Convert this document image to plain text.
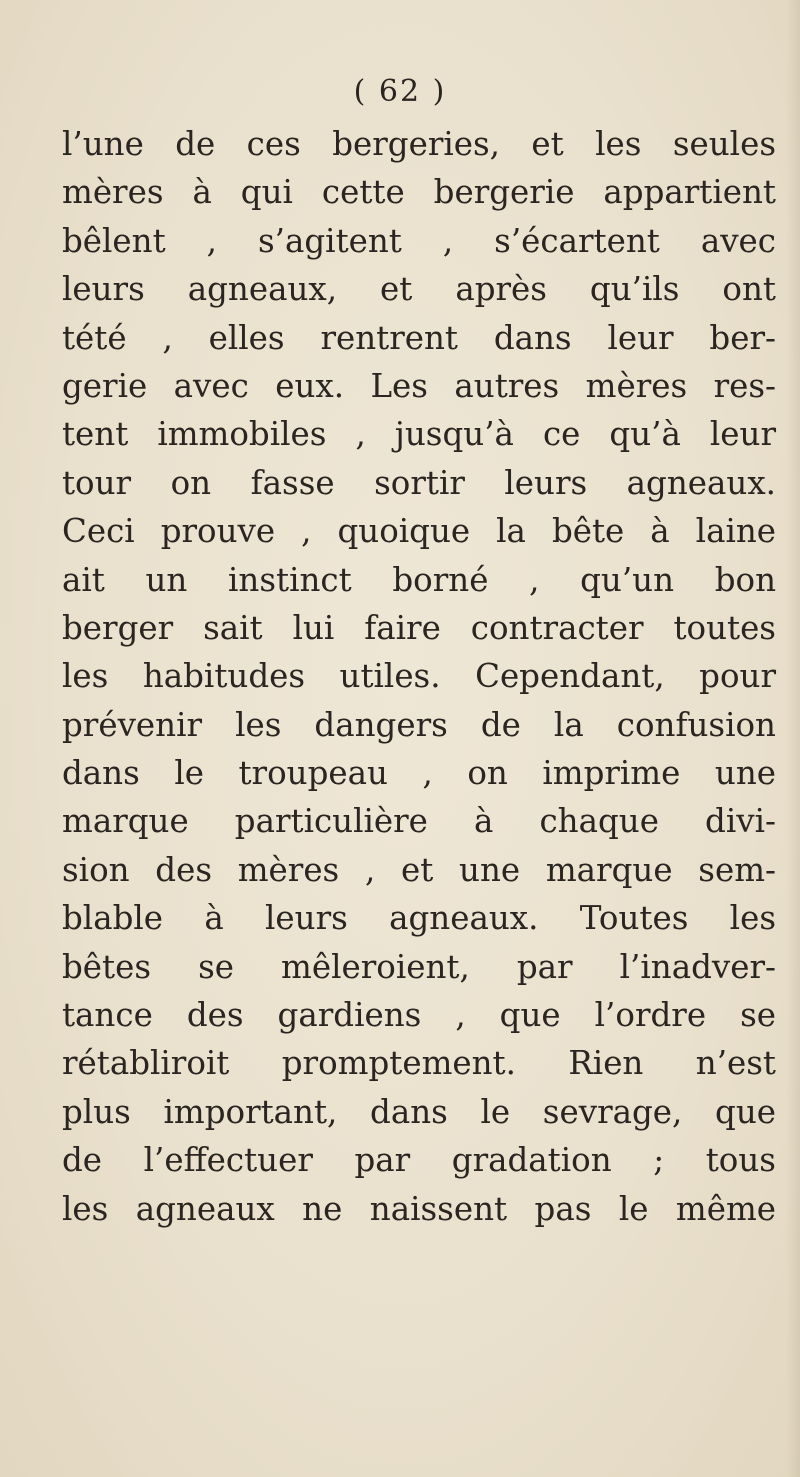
( 62 )
l’une de ces bergeries, et les seules
mères à qui cette bergerie appartient
bêlent , s’agitent , s’écartent avec
leurs agneaux, et après qu’ils ont
tété , elles rentrent dans leur ber-
gerie avec eux. Les autres mères res-
tent immobiles , jusqu’à ce qu’à leur
tour on fasse sortir leurs agneaux.
Ceci prouve , quoique la bête à laine
ait un instinct borné , qu’un bon
berger sait lui faire contracter toutes
les habitudes utiles. Cependant, pour
prévenir les dangers de la confusion
dans le troupeau , on imprime une
marque particulière à chaque divi-
sion des mères , et une marque sem-
blable à leurs agneaux. Toutes les
bêtes se mêleroient, par l’inadver-
tance des gardiens , que l’ordre se
rétabliroit promptement. Rien n’est
plus important, dans le sevrage, que
de l’effectuer par gradation ; tous
les agneaux ne naissent pas le même
